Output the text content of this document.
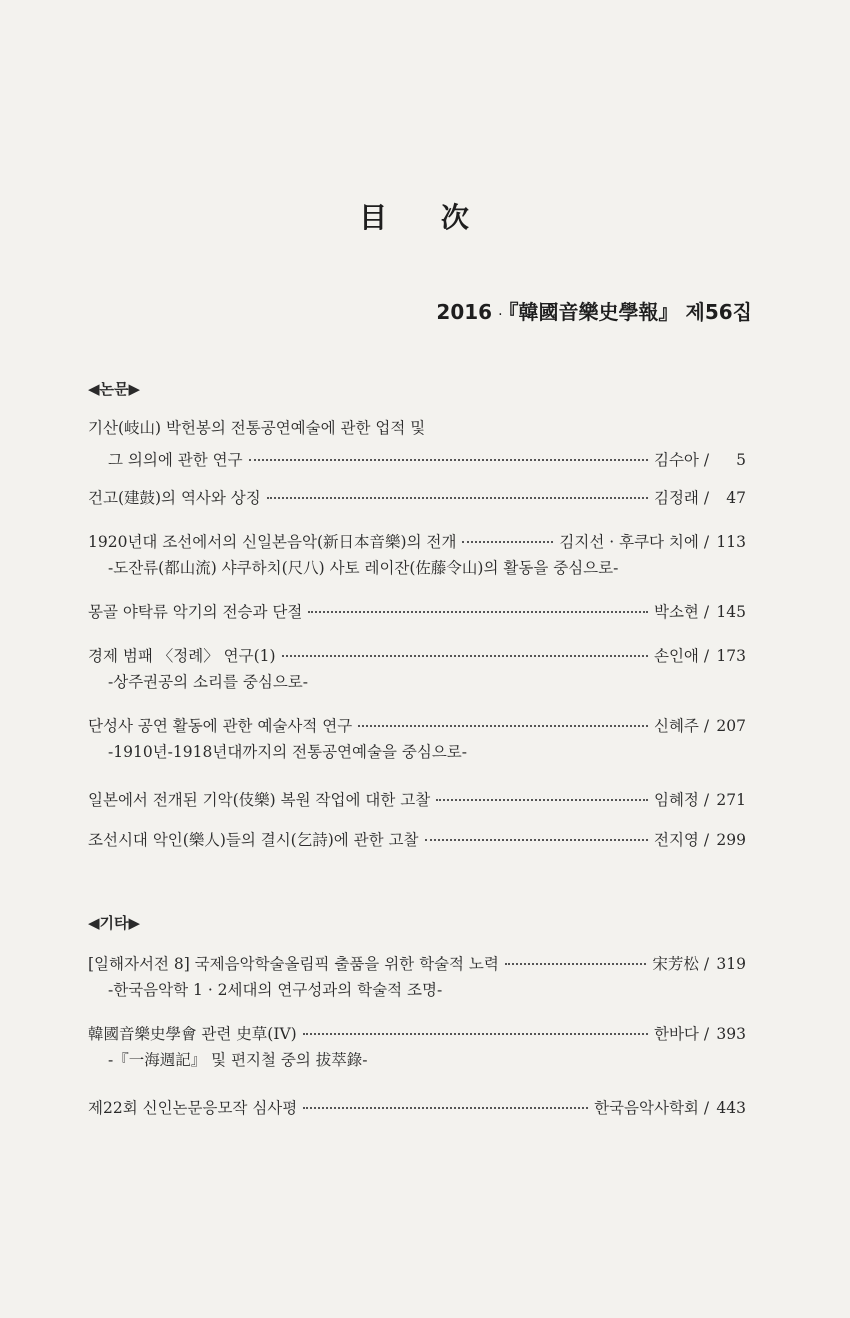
目 次
2016 · 『韓國音樂史學報』 제56집
◀논문▶
기산(岐山) 박헌봉의 전통공연예술에 관한 업적 및
그 의의에 관한 연구	김수아 / 5
건고(建鼓)의 역사와 상징	김정래 / 47
1920년대 조선에서의 신일본음악(新日本音樂)의 전개	김지선 · 후쿠다 치에 / 113
-도잔류(都山流) 샤쿠하치(尺八) 사토 레이잔(佐藤令山)의 활동을 중심으로-
몽골 야탁류 악기의 전승과 단절	박소현 / 145
경제 범패 〈정례〉 연구(1)	손인애 / 173
-상주권공의 소리를 중심으로-
단성사 공연 활동에 관한 예술사적 연구	신혜주 / 207
-1910년-1918년대까지의 전통공연예술을 중심으로-
일본에서 전개된 기악(伎樂) 복원 작업에 대한 고찰	임혜정 / 271
조선시대 악인(樂人)들의 결시(乞詩)에 관한 고찰	전지영 / 299
◀기타▶
[일해자서전 8] 국제음악학술올림픽 출품을 위한 학술적 노력	宋芳松 / 319
-한국음악학 1 · 2세대의 연구성과의 학술적 조명-
韓國音樂史學會 관련 史草(IV)	한바다 / 393
-『一海週記』 및 편지철 중의 拔萃錄-
제22회 신인논문응모작 심사평	한국음악사학회 / 443
